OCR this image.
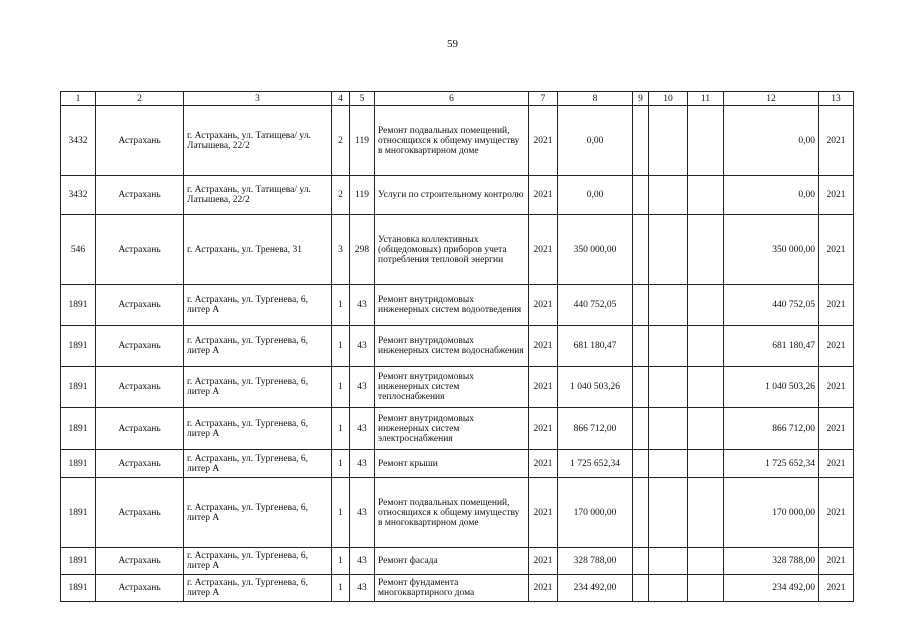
59
1	2	3	4	5	6	7	8	9	10	11	12	13
3432	Астрахань	г. Астрахань, ул. Татищева/ ул. Латышева, 22/2	2	119	Ремонт подвальных помещений, относящихся к общему имуществу в многоквартирном доме	2021	0,00				0,00	2021
3432	Астрахань	г. Астрахань, ул. Татищева/ ул. Латышева, 22/2	2	119	Услуги по строительному контролю	2021	0,00				0,00	2021
546	Астрахань	г. Астрахань, ул. Тренева, 31	3	298	Установка коллективных (общедомовых) приборов учета потребления тепловой энергии	2021	350 000,00				350 000,00	2021
1891	Астрахань	г. Астрахань, ул. Тургенева, 6, литер А	1	43	Ремонт внутридомовых инженерных систем водоотведения	2021	440 752,05				440 752,05	2021
1891	Астрахань	г. Астрахань, ул. Тургенева, 6, литер А	1	43	Ремонт внутридомовых инженерных систем водоснабжения	2021	681 180,47				681 180,47	2021
1891	Астрахань	г. Астрахань, ул. Тургенева, 6, литер А	1	43	Ремонт внутридомовых инженерных систем теплоснабжения	2021	1 040 503,26				1 040 503,26	2021
1891	Астрахань	г. Астрахань, ул. Тургенева, 6, литер А	1	43	Ремонт внутридомовых инженерных систем электроснабжения	2021	866 712,00				866 712,00	2021
1891	Астрахань	г. Астрахань, ул. Тургенева, 6, литер А	1	43	Ремонт крыши	2021	1 725 652,34				1 725 652,34	2021
1891	Астрахань	г. Астрахань, ул. Тургенева, 6, литер А	1	43	Ремонт подвальных помещений, относящихся к общему имуществу в многоквартирном доме	2021	170 000,00				170 000,00	2021
1891	Астрахань	г. Астрахань, ул. Тургенева, 6, литер А	1	43	Ремонт фасада	2021	328 788,00				328 788,00	2021
1891	Астрахань	г. Астрахань, ул. Тургенева, 6, литер А	1	43	Ремонт фундамента многоквартирного дома	2021	234 492,00				234 492,00	2021
